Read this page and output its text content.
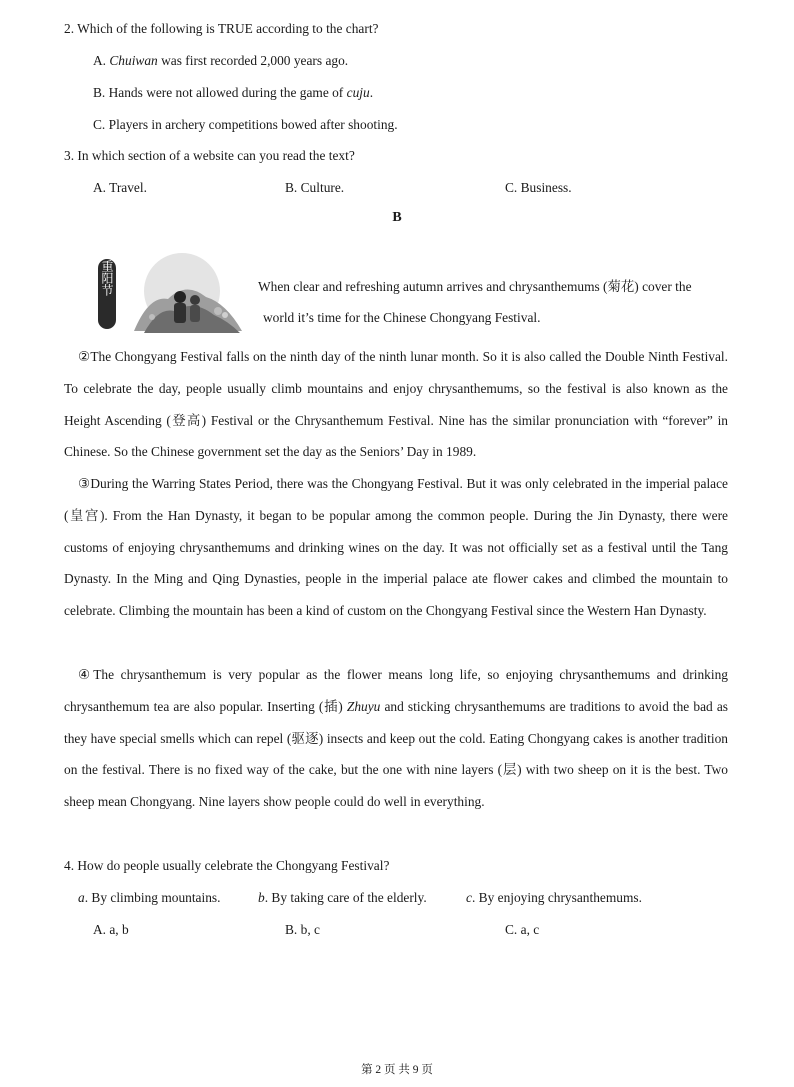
2. Which of the following is TRUE according to the chart?
A. Chuiwan was first recorded 2,000 years ago.
B. Hands were not allowed during the game of cuju.
C. Players in archery competitions bowed after shooting.
3. In which section of a website can you read the text?
A. Travel.	B. Culture.	C. Business.
B
重阳节	When clear and refreshing autumn arrives and chrysanthemums (菊花) cover the
world it’s time for the Chinese Chongyang Festival.
②The Chongyang Festival falls on the ninth day of the ninth lunar month. So it is also called the Double Ninth Festival. To celebrate the day, people usually climb mountains and enjoy chrysanthemums, so the festival is also known as the Height Ascending (登高) Festival or the Chrysanthemum Festival. Nine has the similar pronunciation with “forever” in Chinese. So the Chinese government set the day as the Seniors’ Day in 1989.
③During the Warring States Period, there was the Chongyang Festival. But it was only celebrated in the imperial palace (皇宫). From the Han Dynasty, it began to be popular among the common people. During the Jin Dynasty, there were customs of enjoying chrysanthemums and drinking wines on the day. It was not officially set as a festival until the Tang Dynasty. In the Ming and Qing Dynasties, people in the imperial palace ate flower cakes and climbed the mountain to celebrate. Climbing the mountain has been a kind of custom on the Chongyang Festival since the Western Han Dynasty.
④The chrysanthemum is very popular as the flower means long life, so enjoying chrysanthemums and drinking chrysanthemum tea are also popular. Inserting (插) Zhuyu and sticking chrysanthemums are traditions to avoid the bad as they have special smells which can repel (驱逐) insects and keep out the cold. Eating Chongyang cakes is another tradition on the festival. There is no fixed way of the cake, but the one with nine layers (层) with two sheep on it is the best. Two sheep mean Chongyang. Nine layers show people could do well in everything.
4. How do people usually celebrate the Chongyang Festival?
a. By climbing mountains.	b. By taking care of the elderly.	c. By enjoying chrysanthemums.
A. a, b	B. b, c	C. a, c
第 2 页 共 9 页
